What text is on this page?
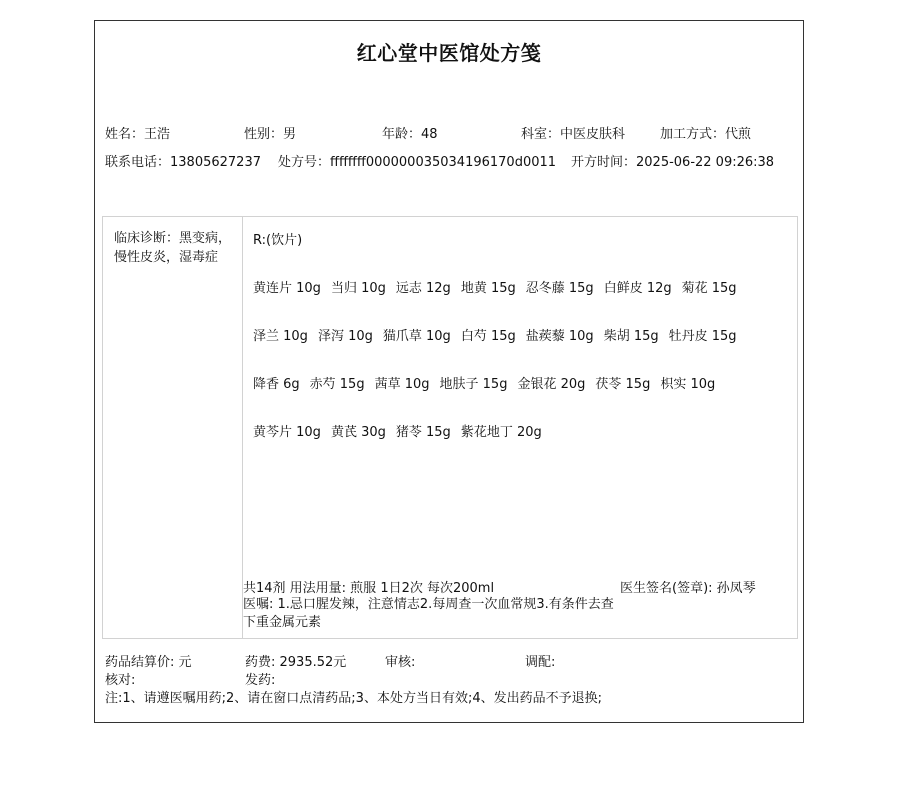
红心堂中医馆处方笺
姓名：王浩	性别：男	年龄：48	科室：中医皮肤科	加工方式：代煎
联系电话：13805627237 处方号：ffffffff000000035034196170d0011 开方时间：2025-06-22 09:26:38
临床诊断：黑变病，慢性皮炎，湿毒症
R:(饮片)
黄连片 10g 当归 10g 远志 12g 地黄 15g 忍冬藤 15g 白鲜皮 12g 菊花 15g
泽兰 10g 泽泻 10g 猫爪草 10g 白芍 15g 盐蒺藜 10g 柴胡 15g 牡丹皮 15g
降香 6g 赤芍 15g 茜草 10g 地肤子 15g 金银花 20g 茯苓 15g 枳实 10g
黄芩片 10g 黄芪 30g 猪苓 15g 紫花地丁 20g
共14剂 用法用量: 煎服 1日2次 每次200ml	医生签名(签章): 孙凤琴
医嘱: 1.忌口腥发辣，注意情志2.每周查一次血常规3.有条件去查下重金属元素
药品结算价: 元	药费: 2935.52元	审核:	调配:
核对:	发药:
注:1、请遵医嘱用药;2、请在窗口点清药品;3、本处方当日有效;4、发出药品不予退换;
